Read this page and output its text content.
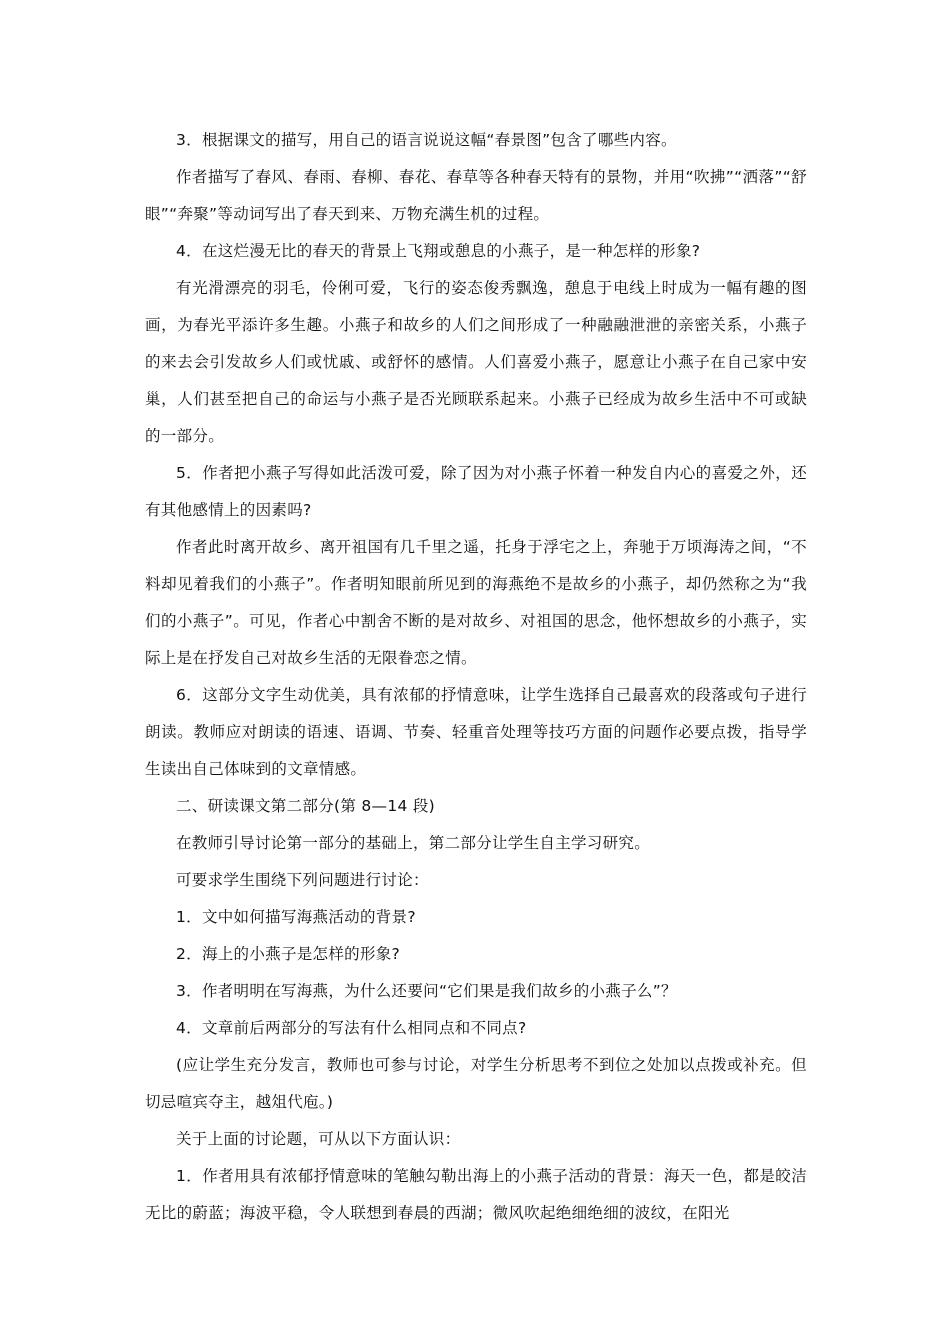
3．根据课文的描写，用自己的语言说说这幅“春景图”包含了哪些内容。

作者描写了春风、春雨、春柳、春花、春草等各种春天特有的景物，并用“吹拂”“洒落”“舒眼”“奔聚”等动词写出了春天到来、万物充满生机的过程。

4．在这烂漫无比的春天的背景上飞翔或憩息的小燕子，是一种怎样的形象?

有光滑漂亮的羽毛，伶俐可爱，飞行的姿态俊秀飘逸，憩息于电线上时成为一幅有趣的图画，为春光平添许多生趣。小燕子和故乡的人们之间形成了一种融融泄泄的亲密关系，小燕子的来去会引发故乡人们或忧戚、或舒怀的感情。人们喜爱小燕子，愿意让小燕子在自己家中安巢，人们甚至把自己的命运与小燕子是否光顾联系起来。小燕子已经成为故乡生活中不可或缺的一部分。

5．作者把小燕子写得如此活泼可爱，除了因为对小燕子怀着一种发自内心的喜爱之外，还有其他感情上的因素吗?

作者此时离开故乡、离开祖国有几千里之遥，托身于浮宅之上，奔驰于万顷海涛之间，“不料却见着我们的小燕子”。作者明知眼前所见到的海燕绝不是故乡的小燕子，却仍然称之为“我们的小燕子”。可见，作者心中割舍不断的是对故乡、对祖国的思念，他怀想故乡的小燕子，实际上是在抒发自己对故乡生活的无限眷恋之情。

6．这部分文字生动优美，具有浓郁的抒情意味，让学生选择自己最喜欢的段落或句子进行朗读。教师应对朗读的语速、语调、节奏、轻重音处理等技巧方面的问题作必要点拨，指导学生读出自己体味到的文章情感。

二、研读课文第二部分(第 8—14 段)

在教师引导讨论第一部分的基础上，第二部分让学生自主学习研究。

可要求学生围绕下列问题进行讨论：

1．文中如何描写海燕活动的背景?

2．海上的小燕子是怎样的形象?

3．作者明明在写海燕，为什么还要问“它们果是我们故乡的小燕子么”？

4．文章前后两部分的写法有什么相同点和不同点?

(应让学生充分发言，教师也可参与讨论，对学生分析思考不到位之处加以点拨或补充。但切忌喧宾夺主，越俎代庖。)

关于上面的讨论题，可从以下方面认识：

1．作者用具有浓郁抒情意味的笔触勾勒出海上的小燕子活动的背景：海天一色，都是皎洁无比的蔚蓝；海波平稳，令人联想到春晨的西湖；微风吹起绝细绝细的波纹，在阳光
